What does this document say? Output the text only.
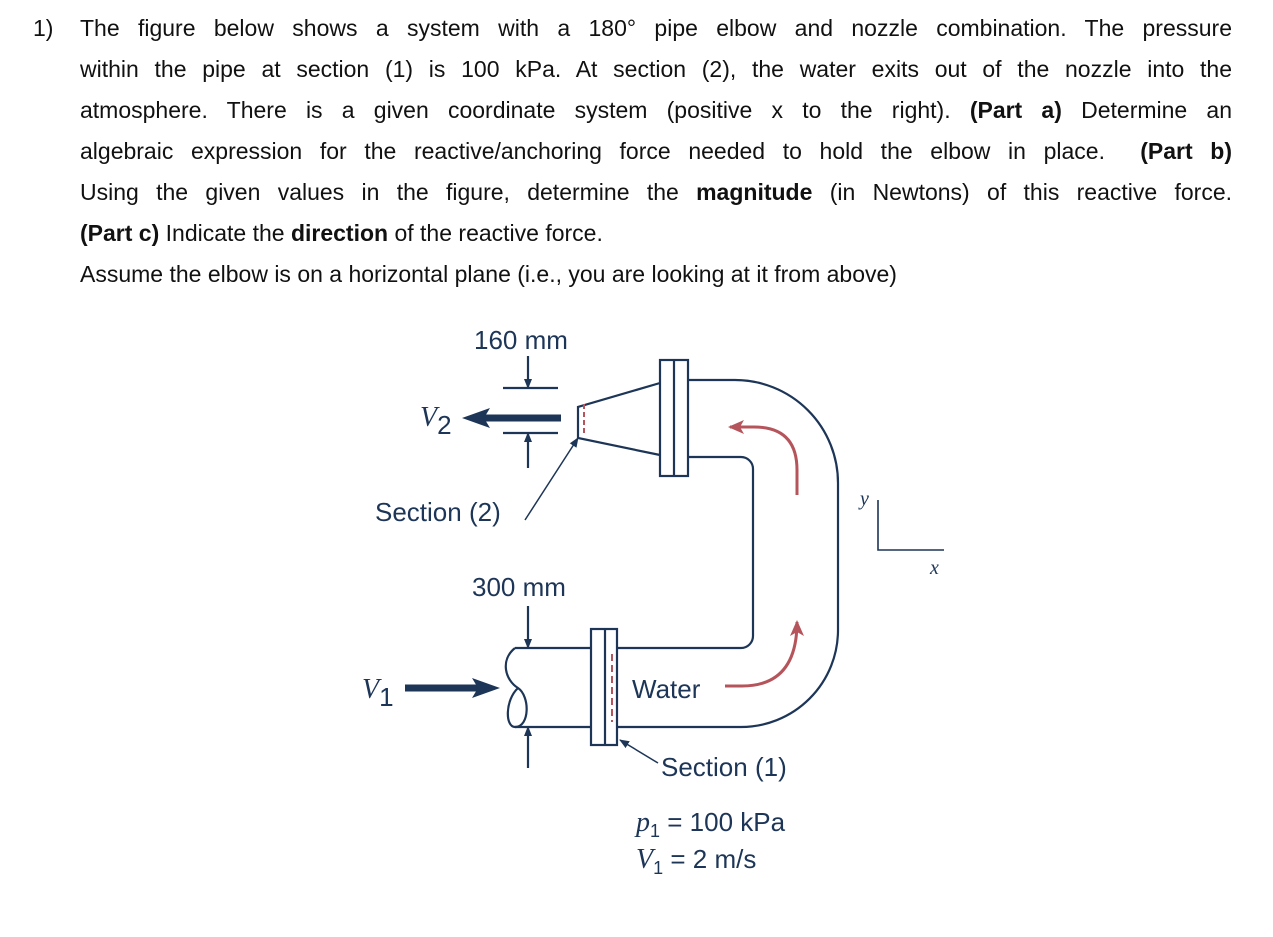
1) The figure below shows a system with a 180° pipe elbow and nozzle combination. The pressure
within the pipe at section (1) is 100 kPa. At section (2), the water exits out of the nozzle into the
atmosphere. There is a given coordinate system (positive x to the right). (Part a) Determine an
algebraic expression for the reactive/anchoring force needed to hold the elbow in place.  (Part b)
Using the given values in the figure, determine the magnitude (in Newtons) of this reactive force.
(Part c) Indicate the direction of the reactive force.
Assume the elbow is on a horizontal plane (i.e., you are looking at it from above)
160 mm
300 mm
V2
V1
Section (2)
Section (1)
Water
y
x
$p_1 = 100$ kPa
$V_1 = 2$ m/s
